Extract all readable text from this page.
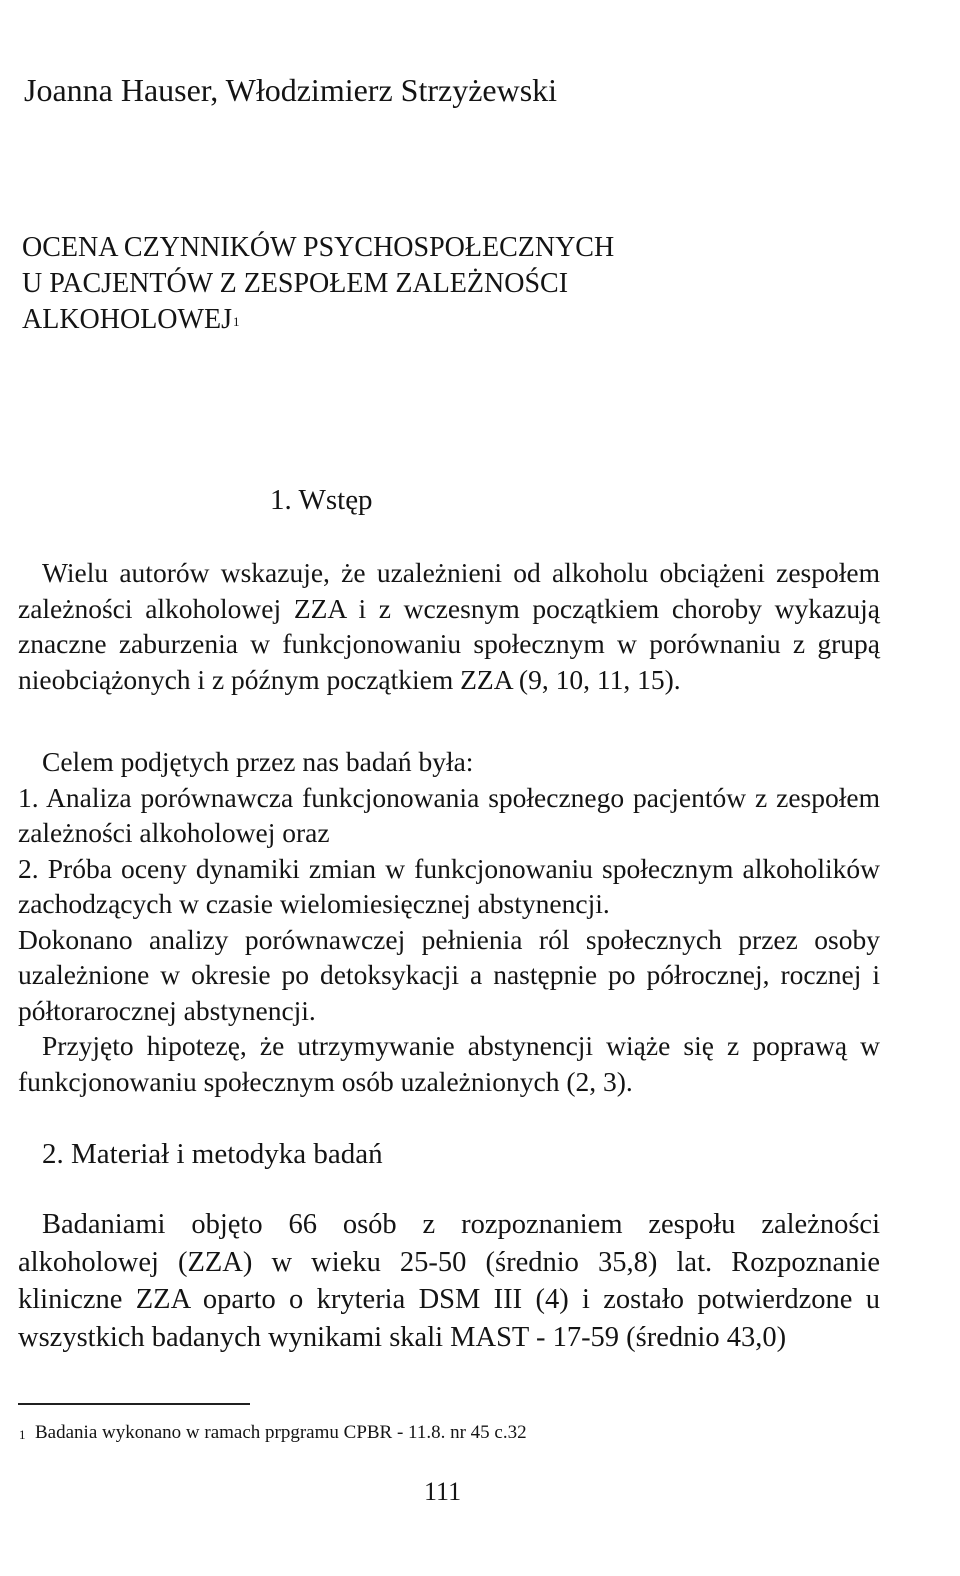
Joanna Hauser, Włodzimierz Strzyżewski
OCENA CZYNNIKÓW PSYCHOSPOŁECZNYCH
U PACJENTÓW Z ZESPOŁEM ZALEŻNOŚCI
ALKOHOLOWEJ$^1$
1. Wstęp

Wielu autorów wskazuje, że uzależnieni od alkoholu obciążeni zespołem zależności alkoholowej ZZA i z wczesnym początkiem choroby wykazują znaczne zaburzenia w funkcjonowaniu społecznym w porównaniu z grupą nieobciążonych i z późnym początkiem ZZA (9, 10, 11, 15).

Celem podjętych przez nas badań była:
1. Analiza porównawcza funkcjonowania społecznego pacjentów z zespołem zależności alkoholowej oraz
2. Próba oceny dynamiki zmian w funkcjonowaniu społecznym alkoholików zachodzących w czasie wielomiesięcznej abstynencji.
Dokonano analizy porównawczej pełnienia ról społecznych przez osoby uzależnione w okresie po detoksykacji a następnie po półrocznej, rocznej i półtorarocznej abstynencji.
Przyjęto hipotezę, że utrzymywanie abstynencji wiąże się z poprawą w funkcjonowaniu społecznym osób uzależnionych (2, 3).
2. Materiał i metodyka badań

Badaniami objęto 66 osób z rozpoznaniem zespołu zależności alkoholowej (ZZA) w wieku 25-50 (średnio 35,8) lat. Rozpoznanie kliniczne ZZA oparto o kryteria DSM III (4) i zostało potwierdzone u wszystkich badanych wynikami skali MAST - 17-59 (średnio 43,0)

$^1$ Badania wykonano w ramach prpgramu CPBR - 11.8. nr 45 c.32
111
